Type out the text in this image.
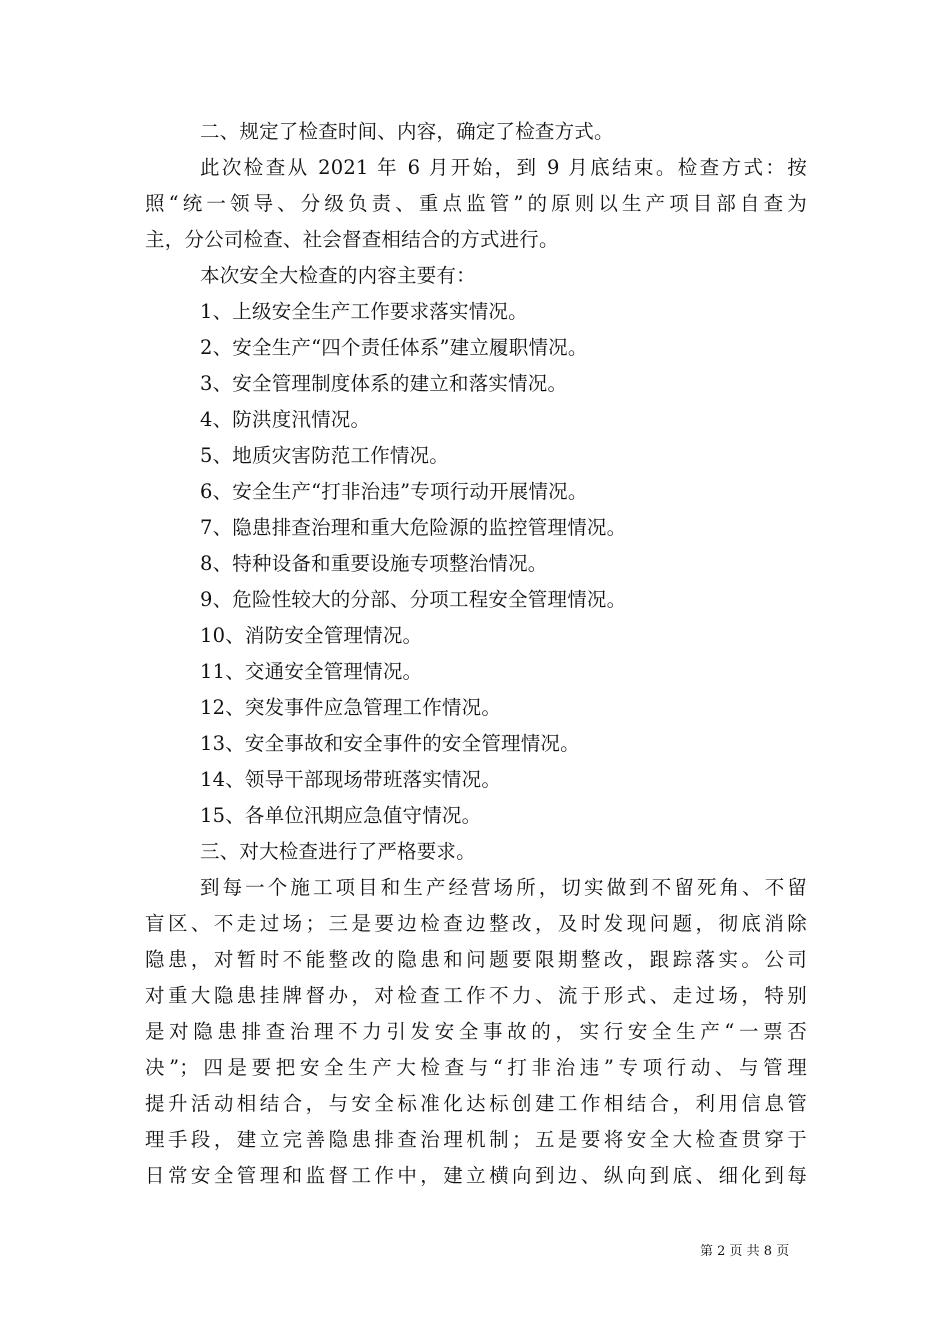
二、规定了检查时间、内容，确定了检查方式。
此次检查从 2021 年 6 月开始，到 9 月底结束。检查方式：按
照“统一领导、分级负责、重点监管”的原则以生产项目部自查为
主，分公司检查、社会督查相结合的方式进行。
本次安全大检查的内容主要有：
1、上级安全生产工作要求落实情况。
2、安全生产“四个责任体系”建立履职情况。
3、安全管理制度体系的建立和落实情况。
4、防洪度汛情况。
5、地质灾害防范工作情况。
6、安全生产“打非治违”专项行动开展情况。
7、隐患排查治理和重大危险源的监控管理情况。
8、特种设备和重要设施专项整治情况。
9、危险性较大的分部、分项工程安全管理情况。
10、消防安全管理情况。
11、交通安全管理情况。
12、突发事件应急管理工作情况。
13、安全事故和安全事件的安全管理情况。
14、领导干部现场带班落实情况。
15、各单位汛期应急值守情况。
三、对大检查进行了严格要求。
到每一个施工项目和生产经营场所，切实做到不留死角、不留
盲区、不走过场；三是要边检查边整改，及时发现问题，彻底消除
隐患，对暂时不能整改的隐患和问题要限期整改，跟踪落实。公司
对重大隐患挂牌督办，对检查工作不力、流于形式、走过场，特别
是对隐患排查治理不力引发安全事故的，实行安全生产“一票否
决”；四是要把安全生产大检查与“打非治违”专项行动、与管理
提升活动相结合，与安全标准化达标创建工作相结合，利用信息管
理手段，建立完善隐患排查治理机制；五是要将安全大检查贯穿于
日常安全管理和监督工作中，建立横向到边、纵向到底、细化到每
第 2 页 共 8 页
